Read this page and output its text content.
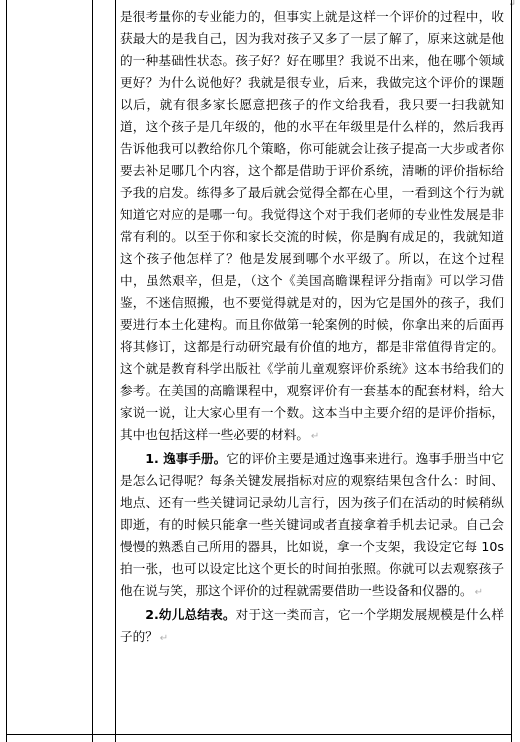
↲

是很考量你的专业能力的，但事实上就是这样一个评价的过程中，收获最大的是我自己，因为我对孩子又多了一层了解了，原来这就是他的一种基础性状态。孩子好？好在哪里？我说不出来，他在哪个领域更好？为什么说他好？我就是很专业，后来，我做完这个评价的课题以后，就有很多家长愿意把孩子的作文给我看，我只要一扫我就知道，这个孩子是几年级的，他的水平在年级里是什么样的，然后我再告诉他我可以教给你几个策略，你可能就会让孩子提高一大步或者你要去补足哪几个内容，这个都是借助于评价系统，清晰的评价指标给予我的启发。练得多了最后就会觉得全都在心里，一看到这个行为就知道它对应的是哪一句。我觉得这个对于我们老师的专业性发展是非常有利的。以至于你和家长交流的时候，你是胸有成足的，我就知道这个孩子他怎样了？他是发展到哪个水平级了。所以，在这个过程中，虽然艰辛，但是，（这个《美国高瞻课程评分指南》可以学习借鉴，不迷信照搬，也不要觉得就是对的，因为它是国外的孩子，我们要进行本土化建构。而且你做第一轮案例的时候，你拿出来的后面再将其修订，这都是行动研究最有价值的地方，都是非常值得肯定的。这个就是教育科学出版社《学前儿童观察评价系统》这本书给我们的参考。在美国的高瞻课程中，观察评价有一套基本的配套材料，给大家说一说，让大家心里有一个数。这本当中主要介绍的是评价指标，其中也包括这样一些必要的材料。 ↵

1. 逸事手册。它的评价主要是通过逸事来进行。逸事手册当中它是怎么记得呢？每条关键发展指标对应的观察结果包含什么：时间、地点、还有一些关键词记录幼儿言行，因为孩子们在活动的时候稍纵即逝，有的时候只能拿一些关键词或者直接拿着手机去记录。自己会慢慢的熟悉自己所用的器具，比如说，拿一个支架，我设定它每 10s 拍一张，也可以设定比这个更长的时间拍张照。你就可以去观察孩子他在说与笑，那这个评价的过程就需要借助一些设备和仪器的。 ↵

2.幼儿总结表。对于这一类而言，它一个学期发展规模是什么样子的？ ↵
